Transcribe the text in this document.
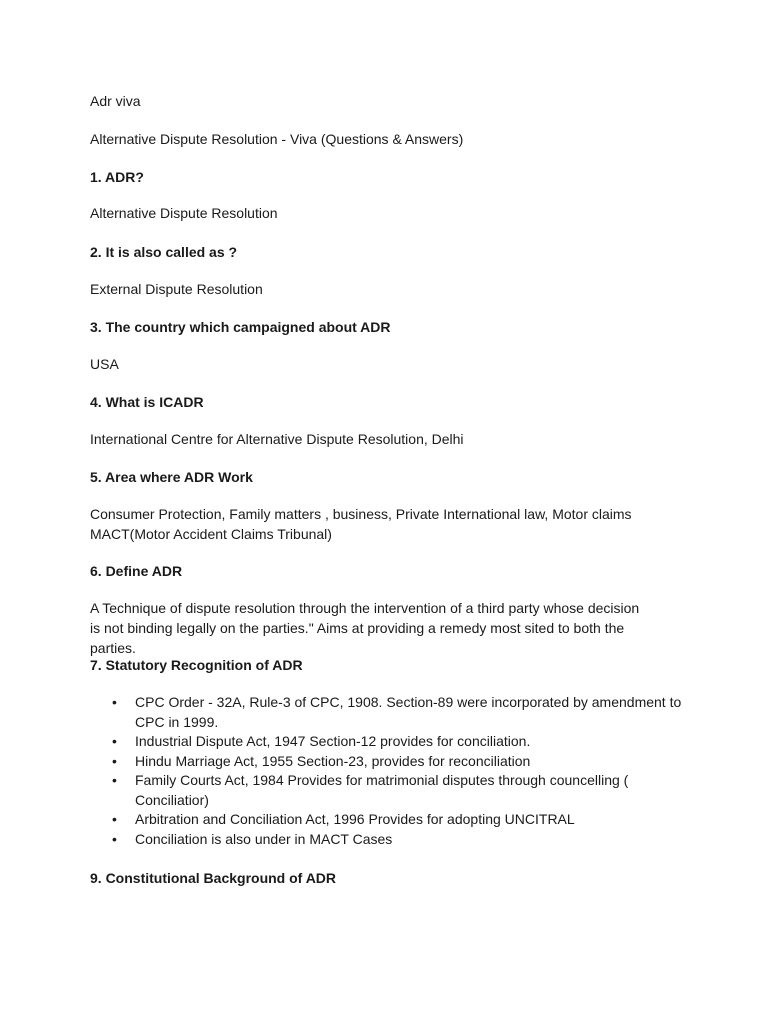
Adr viva
Alternative Dispute Resolution - Viva (Questions & Answers)
1. ADR?
Alternative Dispute Resolution
2. It is also called as ?
External Dispute Resolution
3. The country which campaigned about ADR
USA
4. What is ICADR
International Centre for Alternative Dispute Resolution, Delhi
5. Area where ADR Work
Consumer Protection, Family matters , business, Private International law, Motor claims MACT(Motor Accident Claims Tribunal)
6. Define ADR
A Technique of dispute resolution through the intervention of a third party whose decision is not binding legally on the parties." Aims at providing a remedy most sited to both the parties.
7. Statutory Recognition of ADR
• CPC Order - 32A, Rule-3 of CPC, 1908. Section-89 were incorporated by amendment to CPC in 1999.
• Industrial Dispute Act, 1947 Section-12 provides for conciliation.
• Hindu Marriage Act, 1955 Section-23, provides for reconciliation
• Family Courts Act, 1984 Provides for matrimonial disputes through councelling ( Conciliatior)
• Arbitration and Conciliation Act, 1996 Provides for adopting UNCITRAL
• Conciliation is also under in MACT Cases
9. Constitutional Background of ADR
